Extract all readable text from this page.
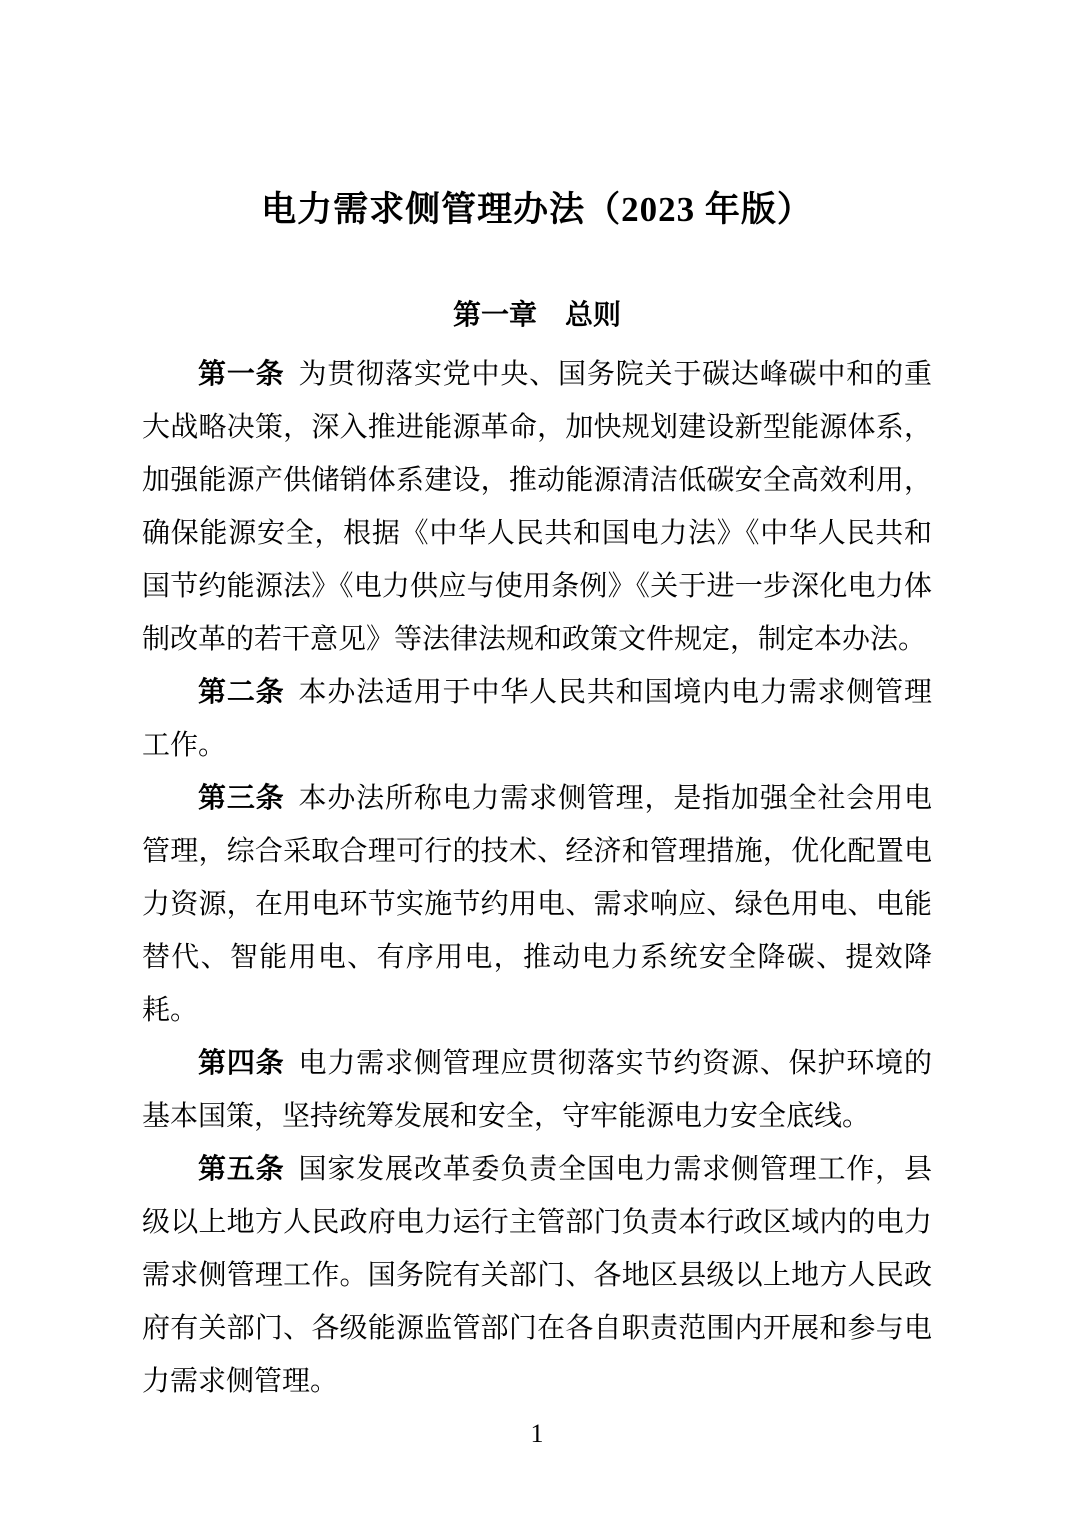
电力需求侧管理办法（2023 年版）
第一章　总则

第一条 为贯彻落实党中央、国务院关于碳达峰碳中和的重大战略决策，深入推进能源革命，加快规划建设新型能源体系，加强能源产供储销体系建设，推动能源清洁低碳安全高效利用，确保能源安全，根据《中华人民共和国电力法》《中华人民共和国节约能源法》《电力供应与使用条例》《关于进一步深化电力体制改革的若干意见》等法律法规和政策文件规定，制定本办法。

第二条 本办法适用于中华人民共和国境内电力需求侧管理工作。

第三条 本办法所称电力需求侧管理，是指加强全社会用电管理，综合采取合理可行的技术、经济和管理措施，优化配置电力资源，在用电环节实施节约用电、需求响应、绿色用电、电能替代、智能用电、有序用电，推动电力系统安全降碳、提效降耗。

第四条 电力需求侧管理应贯彻落实节约资源、保护环境的基本国策，坚持统筹发展和安全，守牢能源电力安全底线。

第五条 国家发展改革委负责全国电力需求侧管理工作，县级以上地方人民政府电力运行主管部门负责本行政区域内的电力需求侧管理工作。国务院有关部门、各地区县级以上地方人民政府有关部门、各级能源监管部门在各自职责范围内开展和参与电力需求侧管理。

1
